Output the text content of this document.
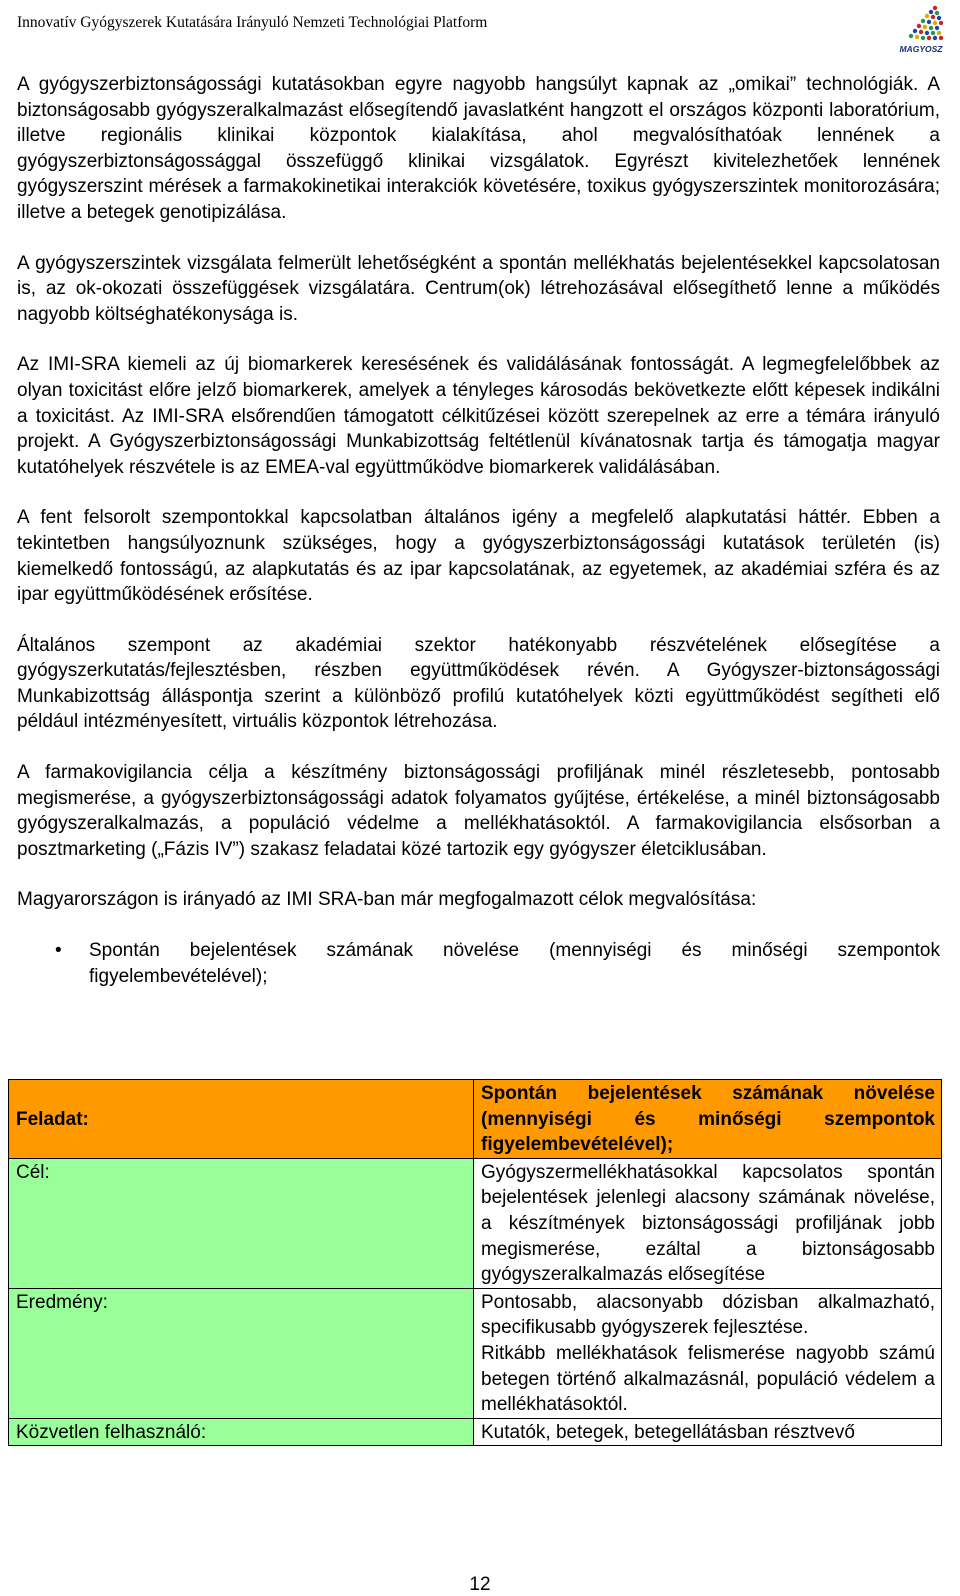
Innovatív Gyógyszerek Kutatására Irányuló Nemzeti Technológiai Platform
MAGYOSZ

A gyógyszerbiztonságossági kutatásokban egyre nagyobb hangsúlyt kapnak az „omikai” technológiák. A biztonságosabb gyógyszeralkalmazást elősegítendő javaslatként hangzott el országos központi laboratórium, illetve regionális klinikai központok kialakítása, ahol megvalósíthatóak lennének a gyógyszerbiztonságossággal összefüggő klinikai vizsgálatok. Egyrészt kivitelezhetőek lennének gyógyszerszint mérések a farmakokinetikai interakciók követésére, toxikus gyógyszerszintek monitorozására; illetve a betegek genotipizálása.

A gyógyszerszintek vizsgálata felmerült lehetőségként a spontán mellékhatás bejelentésekkel kapcsolatosan is, az ok-okozati összefüggések vizsgálatára. Centrum(ok) létrehozásával elősegíthető lenne a működés nagyobb költséghatékonysága is.

Az IMI-SRA kiemeli az új biomarkerek keresésének és validálásának fontosságát. A legmegfelelőbbek az olyan toxicitást előre jelző biomarkerek, amelyek a tényleges károsodás bekövetkezte előtt képesek indikálni a toxicitást. Az IMI-SRA elsőrendűen támogatott célkitűzései között szerepelnek az erre a témára irányuló projekt. A Gyógyszerbiztonságossági Munkabizottság feltétlenül kívánatosnak tartja és támogatja magyar kutatóhelyek részvétele is az EMEA-val együttműködve biomarkerek validálásában.

A fent felsorolt szempontokkal kapcsolatban általános igény a megfelelő alapkutatási háttér. Ebben a tekintetben hangsúlyoznunk szükséges, hogy a gyógyszerbiztonságossági kutatások területén (is) kiemelkedő fontosságú, az alapkutatás és az ipar kapcsolatának, az egyetemek, az akadémiai szféra és az ipar együttműködésének erősítése.

Általános szempont az akadémiai szektor hatékonyabb részvételének elősegítése a gyógyszerkutatás/fejlesztésben, részben együttműködések révén. A Gyógyszer-biztonságossági Munkabizottság álláspontja szerint a különböző profilú kutatóhelyek közti együttműködést segítheti elő például intézményesített, virtuális központok létrehozása.

A farmakovigilancia célja a készítmény biztonságossági profiljának minél részletesebb, pontosabb megismerése, a gyógyszerbiztonságossági adatok folyamatos gyűjtése, értékelése, a minél biztonságosabb gyógyszeralkalmazás, a populáció védelme a mellékhatásoktól. A farmakovigilancia elsősorban a posztmarketing („Fázis IV”) szakasz feladatai közé tartozik egy gyógyszer életciklusában.

Magyarországon is irányadó az IMI SRA-ban már megfogalmazott célok megvalósítása:

• Spontán bejelentések számának növelése (mennyiségi és minőségi szempontok figyelembevételével);
Feladat:	Spontán bejelentések számának növelése (mennyiségi és minőségi szempontok figyelembevételével);
Cél:	Gyógyszermellékhatásokkal kapcsolatos spontán bejelentések jelenlegi alacsony számának növelése, a készítmények biztonságossági profiljának jobb megismerése, ezáltal a biztonságosabb gyógyszeralkalmazás elősegítése
Eredmény:	Pontosabb, alacsonyabb dózisban alkalmazható, specifikusabb gyógyszerek fejlesztése.
Ritkább mellékhatások felismerése nagyobb számú betegen történő alkalmazásnál, populáció védelem a mellékhatásoktól.

Közvetlen felhasználó:	Kutatók, betegek, betegellátásban résztvevő
12
